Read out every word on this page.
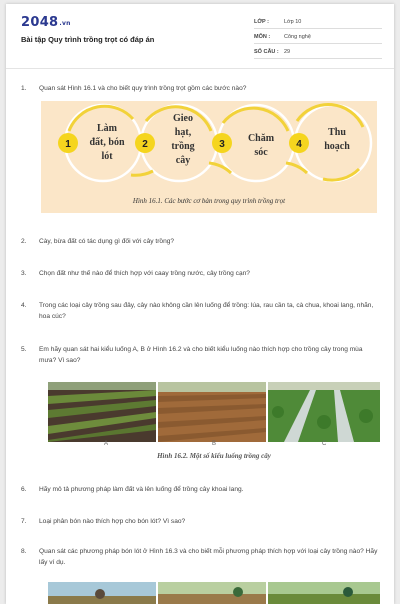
2048.vn
Bài tập Quy trình trồng trọt có đáp án
LỚP :	Lớp 10
MÔN :	Công nghệ
SỐ CÂU : 29
1. Quan sát Hình 16.1 và cho biết quy trình trồng trọt gồm các bước nào?
1	2	3	4
Làm
đất, bón
lót
Gieo
hạt,
trồng
cây
Chăm
sóc
Thu
hoạch
Hình 16.1. Các bước cơ bản trong quy trình trồng trọt
2. Cày, bừa đất có tác dụng gì đối với cây trồng?
3. Chọn đất như thế nào để thích hợp với caay trồng nước, cây trồng cạn?
4. Trong các loại cây trồng sau đây, cây nào không cần lên luống để trồng: lúa, rau cần ta, cà chua, khoai lang, nhãn, hoa cúc?
5. Em hãy quan sát hai kiểu luống A, B ở Hình 16.2 và cho biết kiểu luống nào thích hợp cho trồng cây trong mùa mưa? Vì sao?
A	B	C
Hình 16.2. Một số kiểu luống trồng cây
6. Hãy mô tả phương pháp làm đất và lên luống để trồng cây khoai lang.
7. Loại phân bón nào thích hợp cho bón lót? Vì sao?
8. Quan sát các phương pháp bón lót ở Hình 16.3 và cho biết mỗi phương pháp thích hợp với loại cây trồng nào? Hãy lấy ví dụ.
